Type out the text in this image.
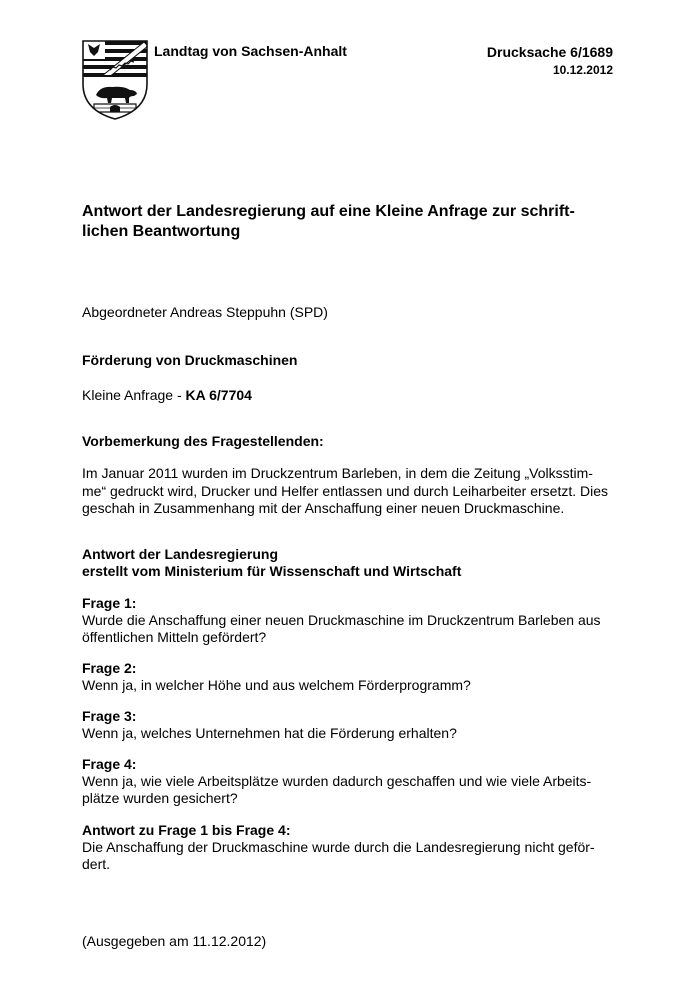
Landtag von Sachsen-Anhalt	Drucksache 6/1689
10.12.2012
Antwort der Landesregierung auf eine Kleine Anfrage zur schrift-
lichen Beantwortung
Abgeordneter Andreas Steppuhn (SPD)
Förderung von Druckmaschinen
Kleine Anfrage - KA 6/7704
Vorbemerkung des Fragestellenden:
Im Januar 2011 wurden im Druckzentrum Barleben, in dem die Zeitung „Volksstim-
me“ gedruckt wird, Drucker und Helfer entlassen und durch Leiharbeiter ersetzt. Dies
geschah in Zusammenhang mit der Anschaffung einer neuen Druckmaschine.
Antwort der Landesregierung
erstellt vom Ministerium für Wissenschaft und Wirtschaft
Frage 1:
Wurde die Anschaffung einer neuen Druckmaschine im Druckzentrum Barleben aus
öffentlichen Mitteln gefördert?
Frage 2:
Wenn ja, in welcher Höhe und aus welchem Förderprogramm?
Frage 3:
Wenn ja, welches Unternehmen hat die Förderung erhalten?
Frage 4:
Wenn ja, wie viele Arbeitsplätze wurden dadurch geschaffen und wie viele Arbeits-
plätze wurden gesichert?
Antwort zu Frage 1 bis Frage 4:
Die Anschaffung der Druckmaschine wurde durch die Landesregierung nicht geför-
dert.
(Ausgegeben am 11.12.2012)
